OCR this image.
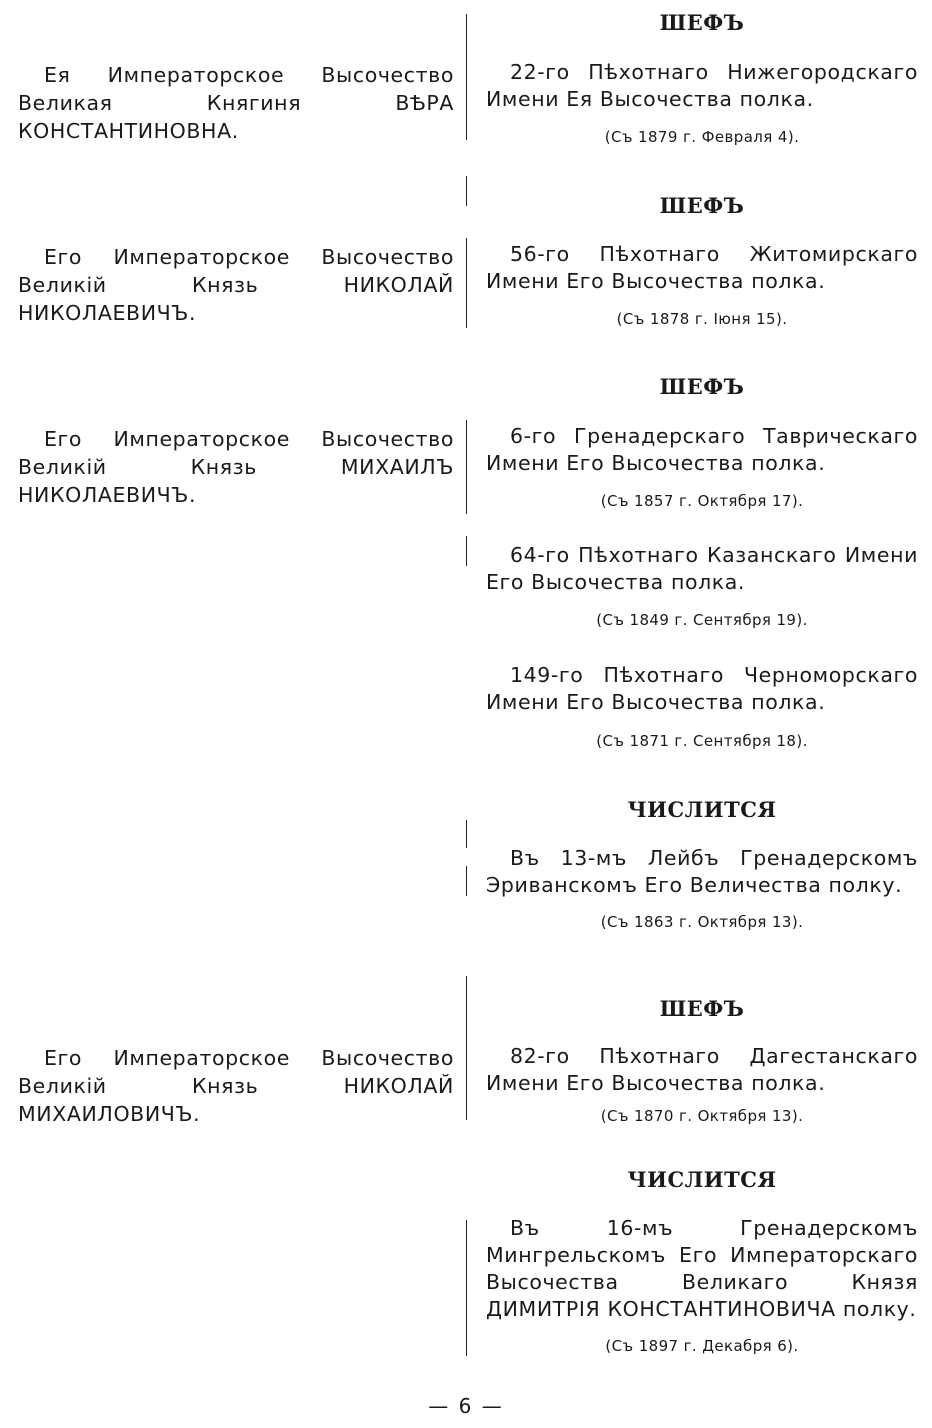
Ея Императорское Высочество Великая Княгиня ВѢРА КОНСТАНТИНОВНА.
Его Императорское Высочество Великій Князь НИКОЛАЙ НИКОЛАЕВИЧЪ.
Его Императорское Высочество Великій Князь МИХАИЛЪ НИКОЛАЕВИЧЪ.
Его Императорское Высочество Великій Князь НИКОЛАЙ МИХАИЛОВИЧЪ.
ШЕФЪ
22-го Пѣхотнаго Нижегородскаго Имени Ея Высочества полка.
(Съ 1879 г. Февраля 4).
ШЕФЪ
56-го Пѣхотнаго Житомирскаго Имени Его Высочества полка.
(Съ 1878 г. Іюня 15).
ШЕФЪ
6-го Гренадерскаго Таврическаго Имени Его Высочества полка.
(Съ 1857 г. Октября 17).
64-го Пѣхотнаго Казанскаго Имени Его Высочества полка.
(Съ 1849 г. Сентября 19).
149-го Пѣхотнаго Черноморскаго Имени Его Высочества полка.
(Съ 1871 г. Сентября 18).
ЧИСЛИТСЯ
Въ 13-мъ Лейбъ Гренадерскомъ Эриванскомъ Его Величества полку.
(Съ 1863 г. Октября 13).
ШЕФЪ
82-го Пѣхотнаго Дагестанскаго Имени Его Высочества полка.
(Съ 1870 г. Октября 13).
ЧИСЛИТСЯ
Въ 16-мъ Гренадерскомъ Мингрельскомъ Его Императорскаго Высочества Великаго Князя ДИМИТРІЯ КОНСТАНТИНОВИЧА полку.
(Съ 1897 г. Декабря 6).
— 6 —
